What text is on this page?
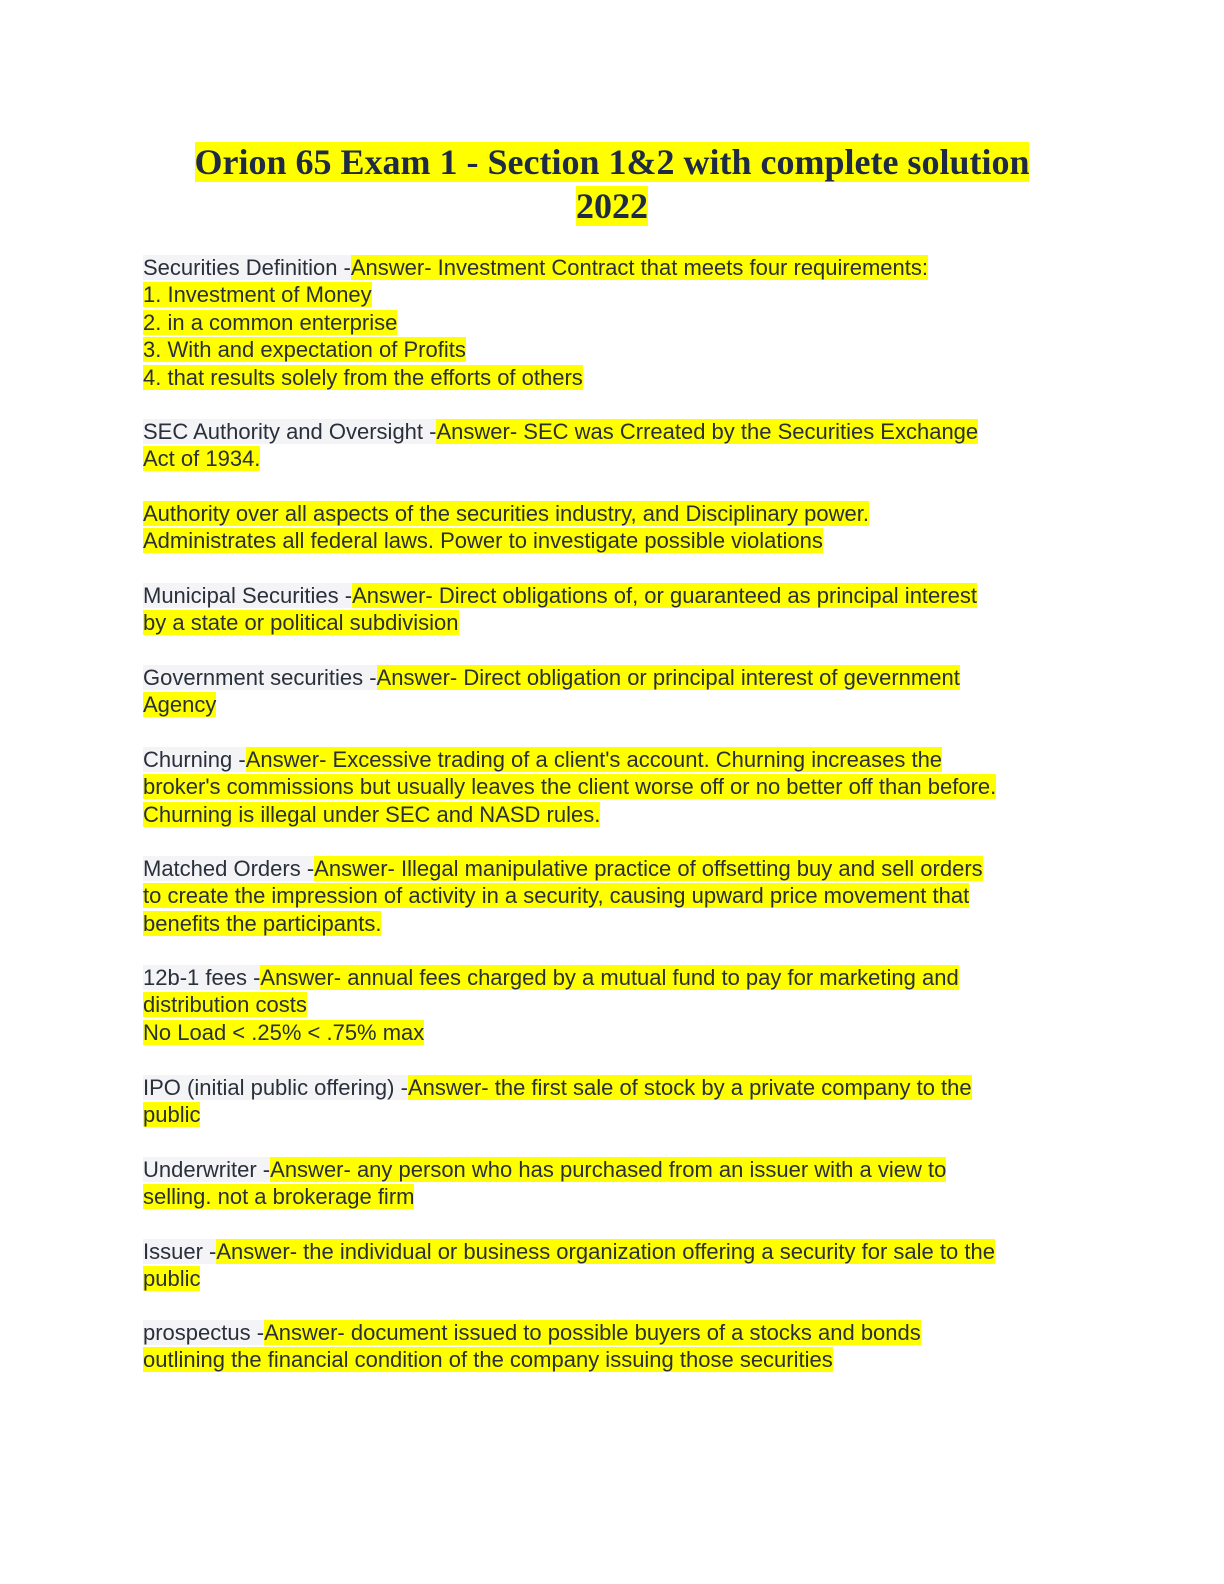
Orion 65 Exam 1 - Section 1&2 with complete solution
2022

Securities Definition -Answer- Investment Contract that meets four requirements:
1. Investment of Money
2. in a common enterprise
3. With and expectation of Profits
4. that results solely from the efforts of others

SEC Authority and Oversight -Answer- SEC was Crreated by the Securities Exchange
Act of 1934.

Authority over all aspects of the securities industry, and Disciplinary power.
Administrates all federal laws. Power to investigate possible violations

Municipal Securities -Answer- Direct obligations of, or guaranteed as principal interest
by a state or political subdivision

Government securities -Answer- Direct obligation or principal interest of gevernment
Agency

Churning -Answer- Excessive trading of a client's account. Churning increases the
broker's commissions but usually leaves the client worse off or no better off than before.
Churning is illegal under SEC and NASD rules.

Matched Orders -Answer- Illegal manipulative practice of offsetting buy and sell orders
to create the impression of activity in a security, causing upward price movement that
benefits the participants.

12b-1 fees -Answer- annual fees charged by a mutual fund to pay for marketing and
distribution costs
No Load < .25% < .75% max

IPO (initial public offering) -Answer- the first sale of stock by a private company to the
public

Underwriter -Answer- any person who has purchased from an issuer with a view to
selling. not a brokerage firm

Issuer -Answer- the individual or business organization offering a security for sale to the
public

prospectus -Answer- document issued to possible buyers of a stocks and bonds
outlining the financial condition of the company issuing those securities
